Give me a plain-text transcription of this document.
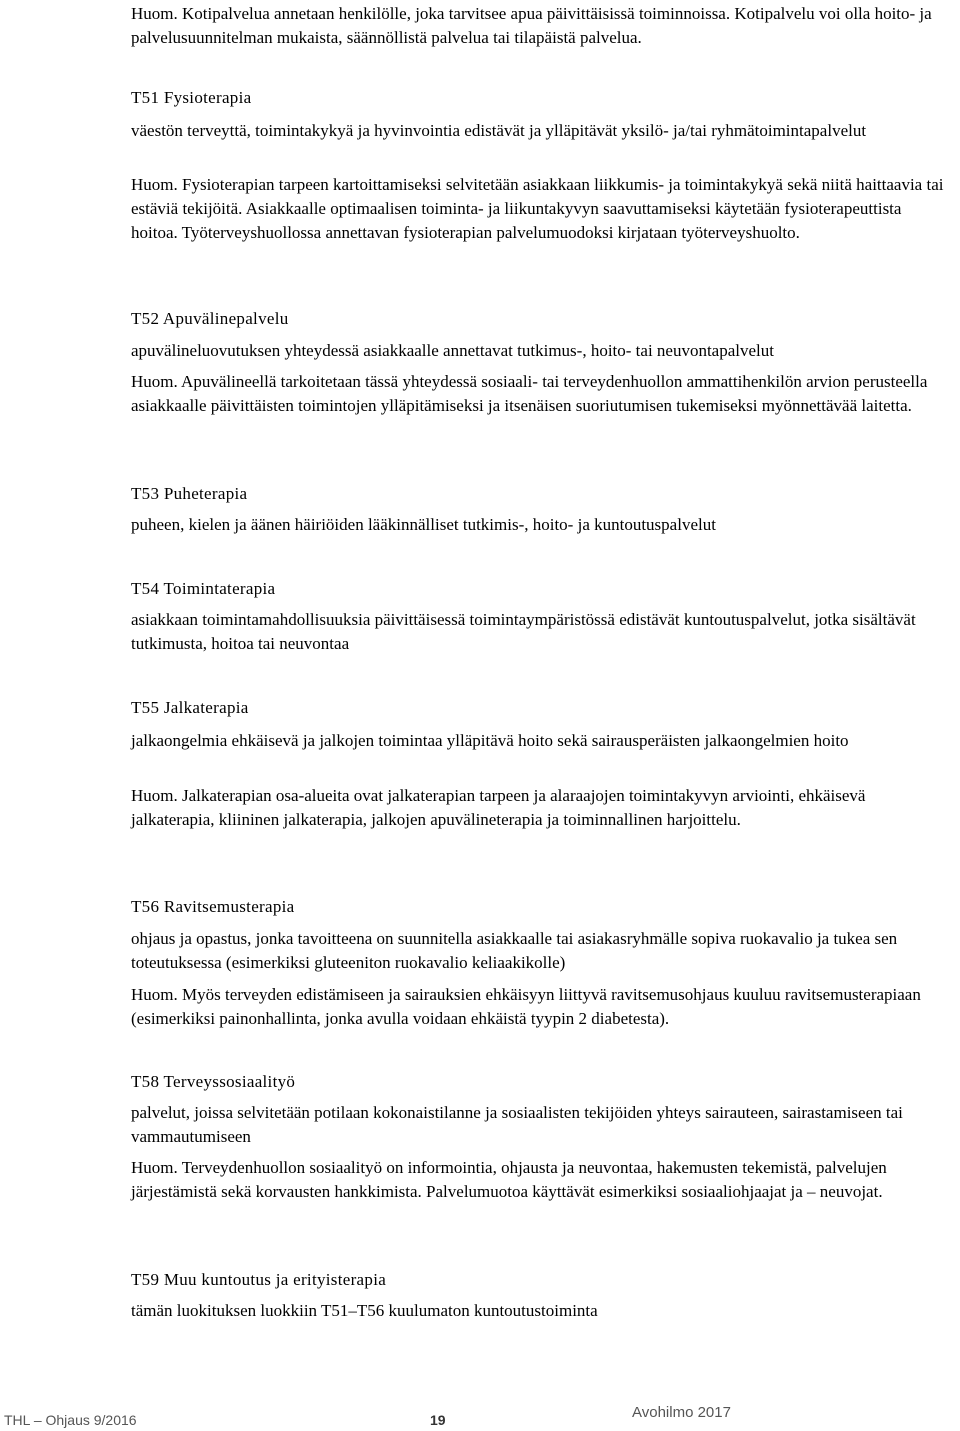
Huom. Kotipalvelua annetaan henkilölle, joka tarvitsee apua päivittäisissä toiminnoissa. Kotipalvelu voi olla hoito- ja palvelusuunnitelman mukaista, säännöllistä palvelua tai tilapäistä palvelua.

T51 Fysioterapia

väestön terveyttä, toimintakykyä ja hyvinvointia edistävät ja ylläpitävät yksilö- ja/tai ryhmätoimintapalvelut

Huom. Fysioterapian tarpeen kartoittamiseksi selvitetään asiakkaan liikkumis- ja toimintakykyä sekä niitä haittaavia tai estäviä tekijöitä. Asiakkaalle optimaalisen toiminta- ja liikuntakyvyn saavuttamiseksi käytetään fysioterapeuttista hoitoa. Työterveyshuollossa annettavan fysioterapian palvelumuodoksi kirjataan työterveyshuolto.

T52 Apuvälinepalvelu

apuvälineluovutuksen yhteydessä asiakkaalle annettavat tutkimus-, hoito- tai neuvontapalvelut

Huom. Apuvälineellä tarkoitetaan tässä yhteydessä sosiaali- tai terveydenhuollon ammattihenkilön arvion perusteella asiakkaalle päivittäisten toimintojen ylläpitämiseksi ja itsenäisen suoriutumisen tukemiseksi myönnettävää laitetta.

T53 Puheterapia

puheen, kielen ja äänen häiriöiden lääkinnälliset tutkimis-, hoito- ja kuntoutuspalvelut

T54 Toimintaterapia

asiakkaan toimintamahdollisuuksia päivittäisessä toimintaympäristössä edistävät kuntoutuspalvelut, jotka sisältävät tutkimusta, hoitoa tai neuvontaa

T55 Jalkaterapia

jalkaongelmia ehkäisevä ja jalkojen toimintaa ylläpitävä hoito sekä sairausperäisten jalkaongelmien hoito

Huom. Jalkaterapian osa-alueita ovat jalkaterapian tarpeen ja alaraajojen toimintakyvyn arviointi, ehkäisevä jalkaterapia, kliininen jalkaterapia, jalkojen apuvälineterapia ja toiminnallinen harjoittelu.

T56 Ravitsemusterapia

ohjaus ja opastus, jonka tavoitteena on suunnitella asiakkaalle tai asiakasryhmälle sopiva ruokavalio ja tukea sen toteutuksessa (esimerkiksi gluteeniton ruokavalio keliaakikolle)

Huom. Myös terveyden edistämiseen ja sairauksien ehkäisyyn liittyvä ravitsemusohjaus kuuluu ravitsemusterapiaan (esimerkiksi painonhallinta, jonka avulla voidaan ehkäistä tyypin 2 diabetesta).

T58 Terveyssosiaalityö

palvelut, joissa selvitetään potilaan kokonaistilanne ja sosiaalisten tekijöiden yhteys sairauteen, sairastamiseen tai vammautumiseen

Huom. Terveydenhuollon sosiaalityö on informointia, ohjausta ja neuvontaa, hakemusten tekemistä, palvelujen järjestämistä sekä korvausten hankkimista. Palvelumuotoa käyttävät esimerkiksi sosiaaliohjaajat ja – neuvojat.

T59 Muu kuntoutus ja erityisterapia

tämän luokituksen luokkiin T51–T56 kuulumaton kuntoutustoiminta

THL – Ohjaus 9/2016	19	Avohilmo 2017
